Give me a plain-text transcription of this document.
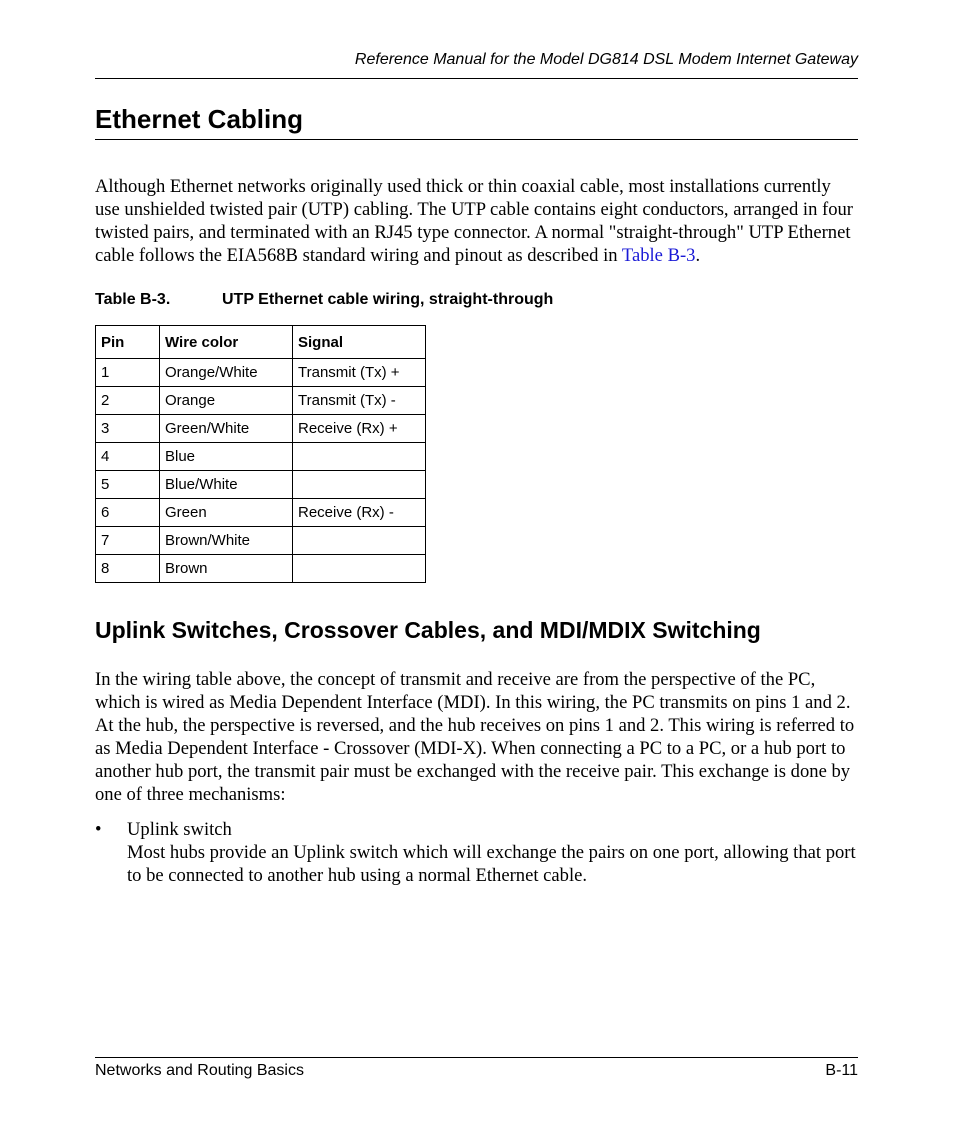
Reference Manual for the Model DG814 DSL Modem Internet Gateway
Ethernet Cabling

Although Ethernet networks originally used thick or thin coaxial cable, most installations currently use unshielded twisted pair (UTP) cabling. The UTP cable contains eight conductors, arranged in four twisted pairs, and terminated with an RJ45 type connector. A normal "straight-through" UTP Ethernet cable follows the EIA568B standard wiring and pinout as described in Table B-3.

Table B-3.	UTP Ethernet cable wiring, straight-through
Pin	Wire color	Signal
1	Orange/White	Transmit (Tx) +
2	Orange	Transmit (Tx) -
3	Green/White	Receive (Rx) +
4	Blue	
5	Blue/White	
6	Green	Receive (Rx) -
7	Brown/White	
8	Brown	
Uplink Switches, Crossover Cables, and MDI/MDIX Switching

In the wiring table above, the concept of transmit and receive are from the perspective of the PC, which is wired as Media Dependent Interface (MDI). In this wiring, the PC transmits on pins 1 and 2. At the hub, the perspective is reversed, and the hub receives on pins 1 and 2. This wiring is referred to as Media Dependent Interface - Crossover (MDI-X). When connecting a PC to a PC, or a hub port to another hub port, the transmit pair must be exchanged with the receive pair. This exchange is done by one of three mechanisms:

• Uplink switch
Most hubs provide an Uplink switch which will exchange the pairs on one port, allowing that port to be connected to another hub using a normal Ethernet cable.
Networks and Routing Basics	B-11
